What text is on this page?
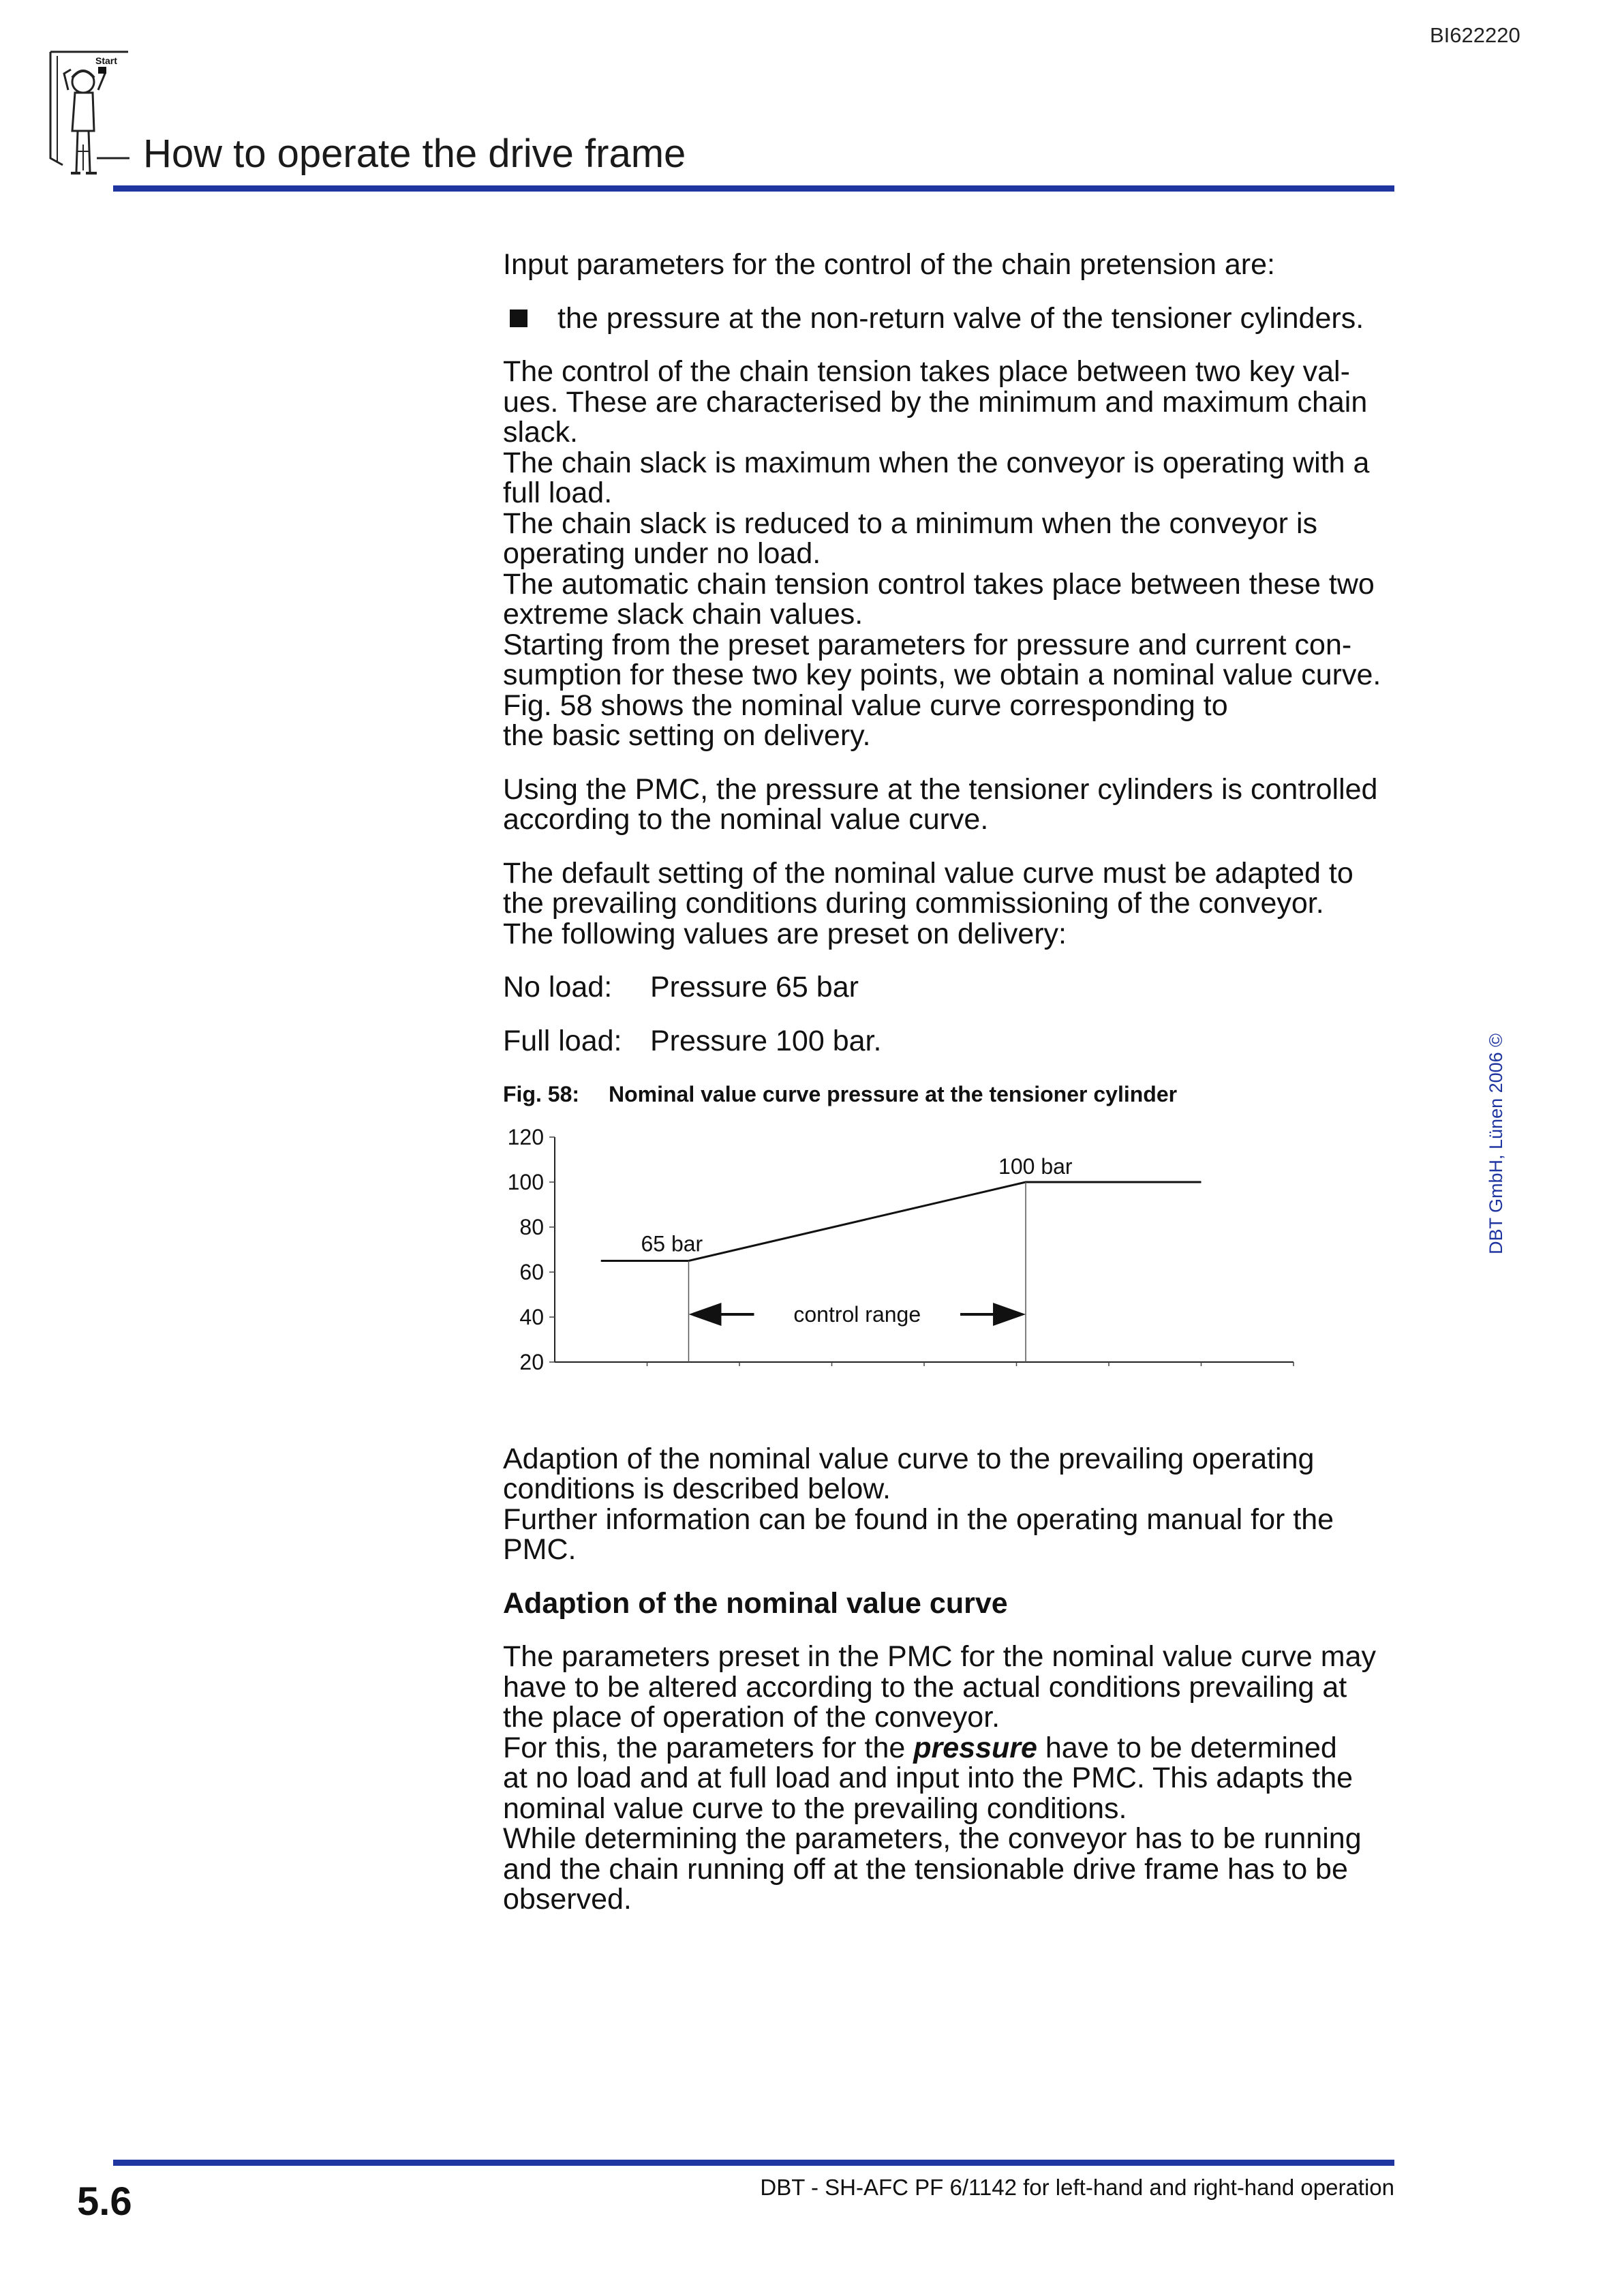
BI622220
Start
How to operate the drive frame

Input parameters for the control of the chain pretension are:

the pressure at the non-return valve of the tensioner cylinders.

The control of the chain tension takes place between two key val-
ues. These are characterised by the minimum and maximum chain
slack.
The chain slack is maximum when the conveyor is operating with a
full load.
The chain slack is reduced to a minimum when the conveyor is
operating under no load.
The automatic chain tension control takes place between these two
extreme slack chain values.
Starting from the preset parameters for pressure and current con-
sumption for these two key points, we obtain a nominal value curve.
Fig. 58 shows the nominal value curve corresponding to
the basic setting on delivery.

Using the PMC, the pressure at the tensioner cylinders is controlled
according to the nominal value curve.

The default setting of the nominal value curve must be adapted to
the prevailing conditions during commissioning of the conveyor.
The following values are preset on delivery:

No load: Pressure 65 bar
Full load: Pressure 100 bar.
Fig. 58: Nominal value curve pressure at the tensioner cylinder
120
100
80
60
40
20
65 bar
100 bar
control range

Adaption of the nominal value curve to the prevailing operating
conditions is described below.
Further information can be found in the operating manual for the
PMC.

Adaption of the nominal value curve

The parameters preset in the PMC for the nominal value curve may
have to be altered according to the actual conditions prevailing at
the place of operation of the conveyor.
For this, the parameters for the pressure have to be determined
at no load and at full load and input into the PMC. This adapts the
nominal value curve to the prevailing conditions.
While determining the parameters, the conveyor has to be running
and the chain running off at the tensionable drive frame has to be
observed.

DBT GmbH, Lünen 2006 ©
5.6	DBT - SH-AFC PF 6/1142 for left-hand and right-hand operation
